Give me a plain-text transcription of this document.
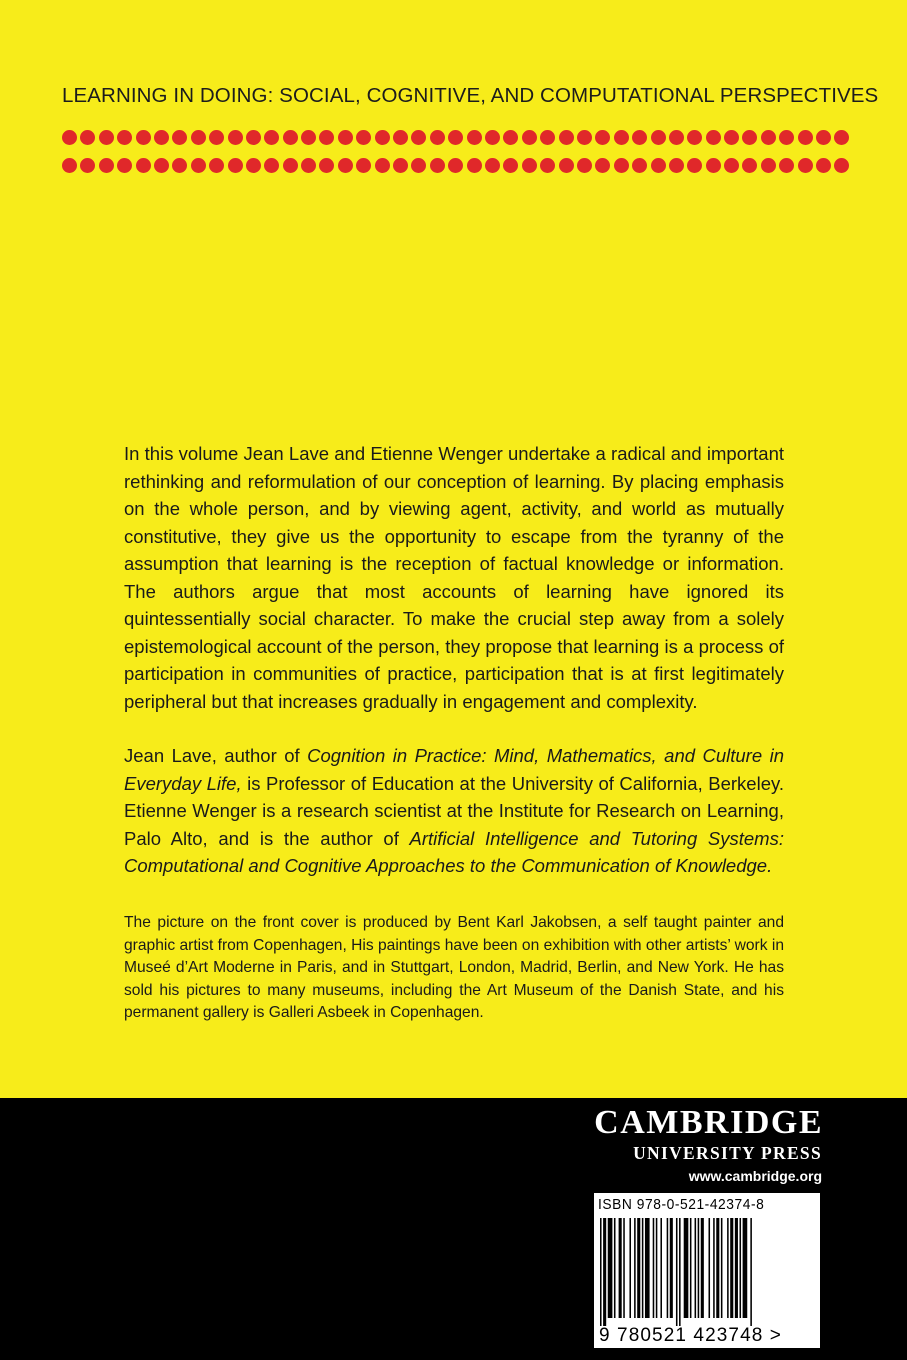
LEARNING IN DOING: SOCIAL, COGNITIVE, AND COMPUTATIONAL PERSPECTIVES

In this volume Jean Lave and Etienne Wenger undertake a radical and important rethinking and reformulation of our conception of learning. By placing emphasis on the whole person, and by viewing agent, activity, and world as mutually constitutive, they give us the opportunity to escape from the tyranny of the assumption that learning is the reception of factual knowledge or information. The authors argue that most accounts of learning have ignored its quintessentially social character. To make the crucial step away from a solely epistemological account of the person, they propose that learning is a process of participation in communities of practice, participation that is at first legitimately peripheral but that increases gradually in engagement and complexity.

Jean Lave, author of Cognition in Practice: Mind, Mathematics, and Culture in Everyday Life, is Professor of Education at the University of California, Berkeley. Etienne Wenger is a research scientist at the Institute for Research on Learning, Palo Alto, and is the author of Artificial Intelligence and Tutoring Systems: Computational and Cognitive Approaches to the Communication of Knowledge.

The picture on the front cover is produced by Bent Karl Jakobsen, a self taught painter and graphic artist from Copenhagen, His paintings have been on exhibition with other artists’ work in Museé d’Art Moderne in Paris, and in Stuttgart, London, Madrid, Berlin, and New York. He has sold his pictures to many museums, including the Art Museum of the Danish State, and his permanent gallery is Galleri Asbeek in Copenhagen.

CAMBRIDGE
UNIVERSITY PRESS
www.cambridge.org
ISBN 978-0-521-42374-8
9 780521 423748 >
